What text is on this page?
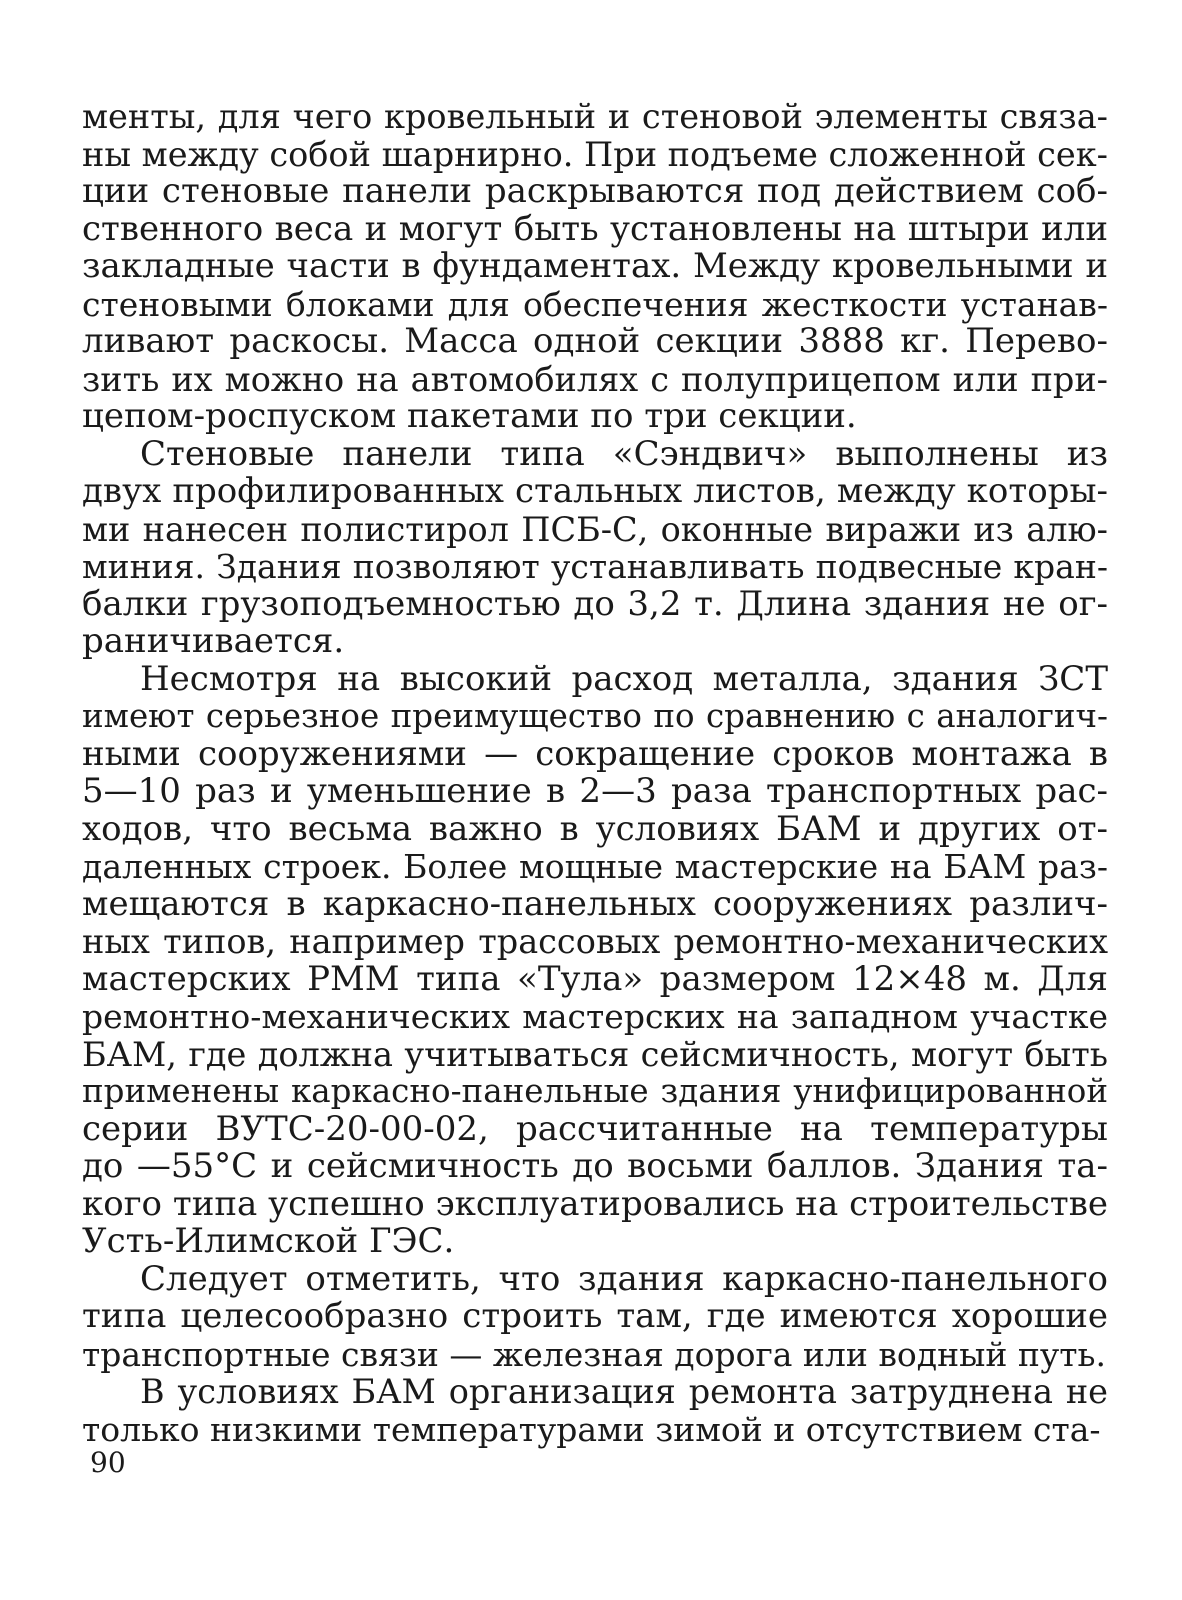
менты, для чего кровельный и стеновой элементы связа-
ны между собой шарнирно. При подъеме сложенной сек-
ции стеновые панели раскрываются под действием соб-
ственного веса и могут быть установлены на штыри или
закладные части в фундаментах. Между кровельными и
стеновыми блоками для обеспечения жесткости устанав-
ливают раскосы. Масса одной секции 3888 кг. Перево-
зить их можно на автомобилях с полуприцепом или при-
цепом-роспуском пакетами по три секции.
Стеновые панели типа «Сэндвич» выполнены из
двух профилированных стальных листов, между которы-
ми нанесен полистирол ПСБ-С, оконные виражи из алю-
миния. Здания позволяют устанавливать подвесные кран-
балки грузоподъемностью до 3,2 т. Длина здания не ог-
раничивается.
Несмотря на высокий расход металла, здания ЗСТ
имеют серьезное преимущество по сравнению с аналогич-
ными сооружениями — сокращение сроков монтажа в
5—10 раз и уменьшение в 2—3 раза транспортных рас-
ходов, что весьма важно в условиях БАМ и других от-
даленных строек. Более мощные мастерские на БАМ раз-
мещаются в каркасно-панельных сооружениях различ-
ных типов, например трассовых ремонтно-механических
мастерских РММ типа «Тула» размером 12×48 м. Для
ремонтно-механических мастерских на западном участке
БАМ, где должна учитываться сейсмичность, могут быть
применены каркасно-панельные здания унифицированной
серии ВУТС-20-00-02, рассчитанные на температуры
до —55°С и сейсмичность до восьми баллов. Здания та-
кого типа успешно эксплуатировались на строительстве
Усть-Илимской ГЭС.
Следует отметить, что здания каркасно-панельного
типа целесообразно строить там, где имеются хорошие
транспортные связи — железная дорога или водный путь.
В условиях БАМ организация ремонта затруднена не
только низкими температурами зимой и отсутствием ста-
90
